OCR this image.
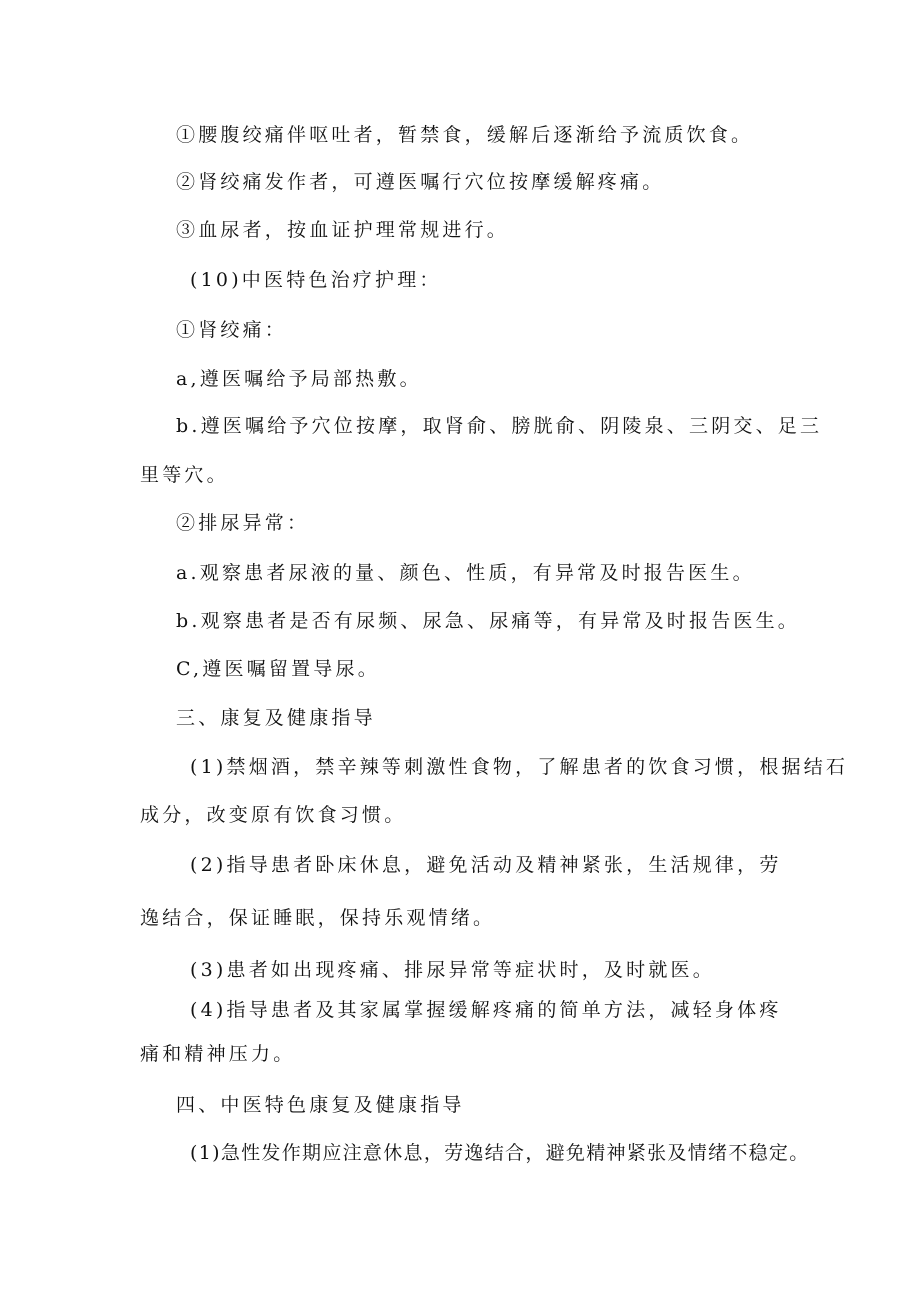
①腰腹绞痛伴呕吐者，暂禁食，缓解后逐渐给予流质饮食。
②肾绞痛发作者，可遵医嘱行穴位按摩缓解疼痛。
③血尿者，按血证护理常规进行。
(10)中医特色治疗护理：
①肾绞痛：
a,遵医嘱给予局部热敷。
b.遵医嘱给予穴位按摩，取肾俞、膀胱俞、阴陵泉、三阴交、足三
里等穴。
②排尿异常：
a.观察患者尿液的量、颜色、性质，有异常及时报告医生。
b.观察患者是否有尿频、尿急、尿痛等，有异常及时报告医生。
C,遵医嘱留置导尿。
三、康复及健康指导
(1)禁烟酒，禁辛辣等刺激性食物，了解患者的饮食习惯，根据结石
成分，改变原有饮食习惯。
(2)指导患者卧床休息，避免活动及精神紧张，生活规律，劳
逸结合，保证睡眠，保持乐观情绪。
(3)患者如出现疼痛、排尿异常等症状时，及时就医。
(4)指导患者及其家属掌握缓解疼痛的简单方法，减轻身体疼
痛和精神压力。
四、中医特色康复及健康指导
(1)急性发作期应注意休息，劳逸结合，避免精神紧张及情绪不稳定。
